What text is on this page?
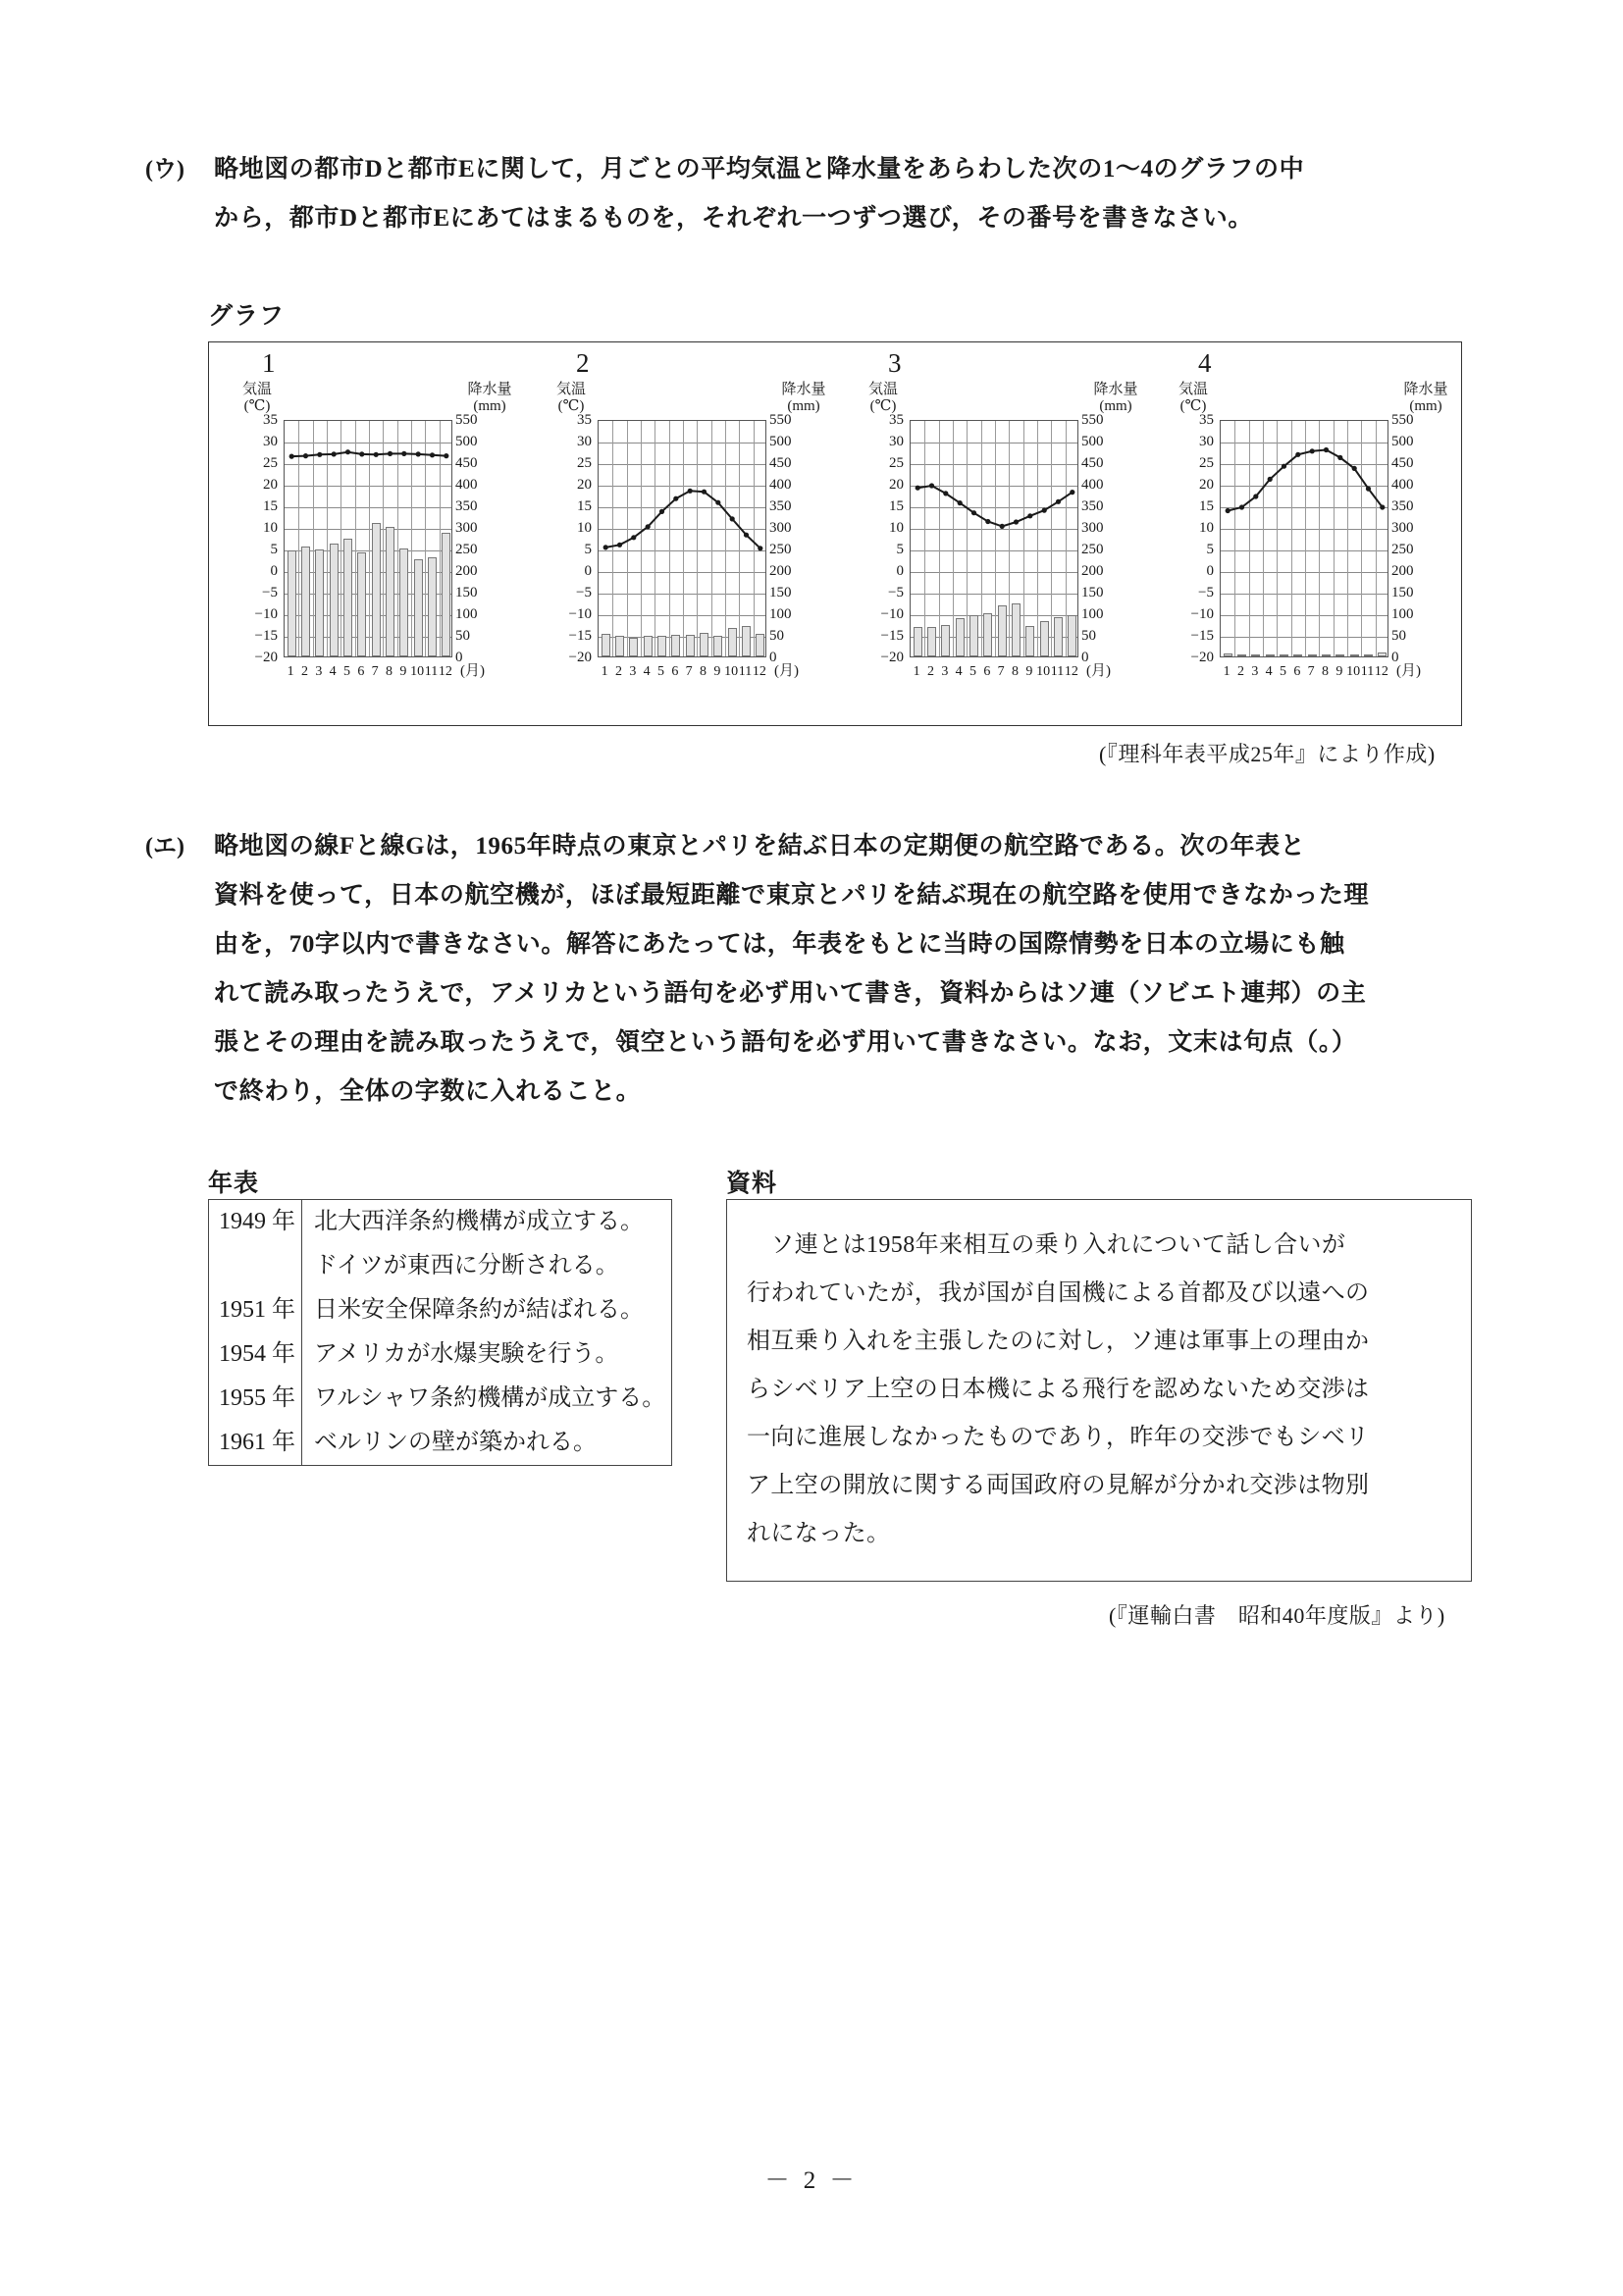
(ウ) 略地図の都市Dと都市Eに関して，月ごとの平均気温と降水量をあらわした次の1～4のグラフの中
から，都市Dと都市Eにあてはまるものを，それぞれ一つずつ選び，その番号を書きなさい。
グラフ
1
気温
(℃)
降水量
(mm)
35	550
30	500
25	450
20	400
15	350
10	300
5	250
0	200
−5	150
−10	100
−15	50
−20	0
1 2 3 4 5 6 7 8 9 10 11 12 (月)
2
気温
(℃)
降水量
(mm)
35	550
30	500
25	450
20	400
15	350
10	300
5	250
0	200
−5	150
−10	100
−15	50
−20	0
1 2 3 4 5 6 7 8 9 10 11 12 (月)
3
気温
(℃)
降水量
(mm)
35	550
30	500
25	450
20	400
15	350
10	300
5	250
0	200
−5	150
−10	100
−15	50
−20	0
1 2 3 4 5 6 7 8 9 10 11 12 (月)
4
気温
(℃)
降水量
(mm)
35	550
30	500
25	450
20	400
15	350
10	300
5	250
0	200
−5	150
−10	100
−15	50
−20	0
1 2 3 4 5 6 7 8 9 10 11 12 (月)
(『理科年表平成25年』により作成)
(エ) 略地図の線Fと線Gは，1965年時点の東京とパリを結ぶ日本の定期便の航空路である。次の年表と
資料を使って，日本の航空機が，ほぼ最短距離で東京とパリを結ぶ現在の航空路を使用できなかった理
由を，70字以内で書きなさい。解答にあたっては，年表をもとに当時の国際情勢を日本の立場にも触
れて読み取ったうえで，アメリカという語句を必ず用いて書き，資料からはソ連（ソビエト連邦）の主
張とその理由を読み取ったうえで，領空という語句を必ず用いて書きなさい。なお，文末は句点（。）
で終わり，全体の字数に入れること。
年表
1949 年	北大西洋条約機構が成立する。
	ドイツが東西に分断される。
1951 年	日米安全保障条約が結ばれる。
1954 年	アメリカが水爆実験を行う。
1955 年	ワルシャワ条約機構が成立する。
1961 年	ベルリンの壁が築かれる。
資料
　ソ連とは1958年来相互の乗り入れについて話し合いが
行われていたが，我が国が自国機による首都及び以遠への
相互乗り入れを主張したのに対し，ソ連は軍事上の理由か
らシベリア上空の日本機による飛行を認めないため交渉は
一向に進展しなかったものであり，昨年の交渉でもシベリ
ア上空の開放に関する両国政府の見解が分かれ交渉は物別
れになった。
(『運輸白書　昭和40年度版』より)
－ 2 －
